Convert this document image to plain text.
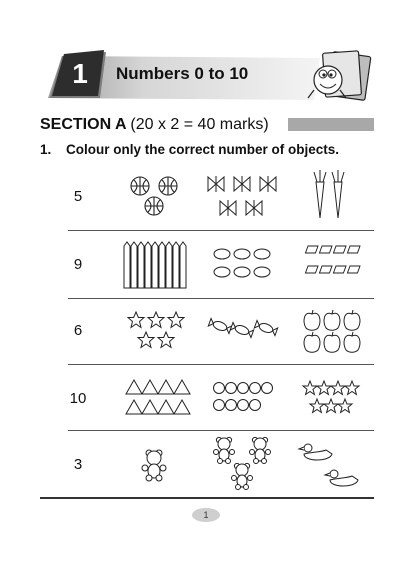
1	Numbers 0 to 10
SECTION A (20 x 2 = 40 marks)
1. Colour only the correct number of objects.
5
9
6
10
3
1
